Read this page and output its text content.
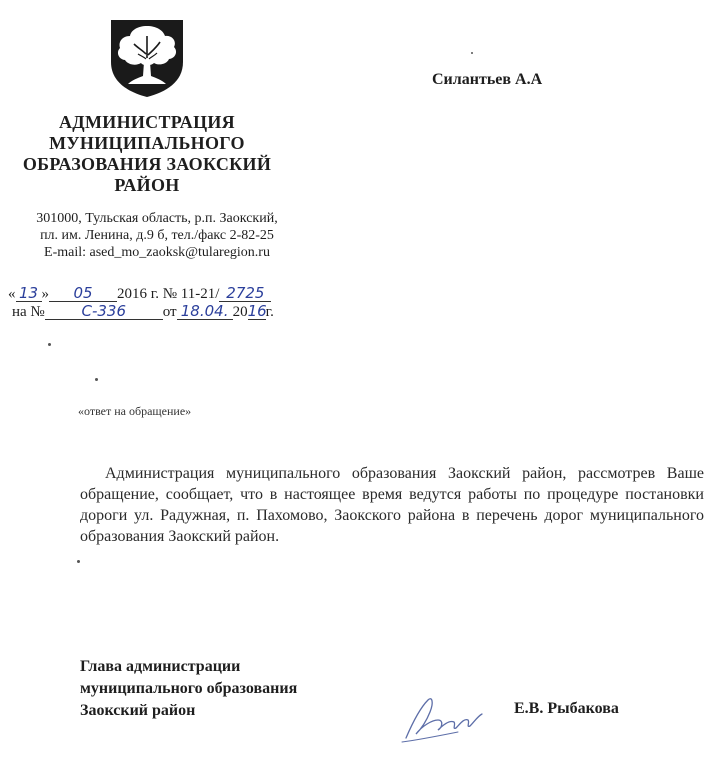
АДМИНИСТРАЦИЯ
МУНИЦИПАЛЬНОГО
ОБРАЗОВАНИЯ ЗАОКСКИЙ
РАЙОН
301000, Тульская область, р.п. Заокский,
пл. им. Ленина, д.9 б, тел./факс 2-82-25
E-mail: ased_mo_zaoksk@tularegion.ru
Силантьев А.А
« 13 » 05 2016 г. № 11-21/ 2725
на № С-336 от 18.04. 2016г.
«ответ на обращение»
Администрация муниципального образования Заокский район, рассмотрев Ваше обращение, сообщает, что в настоящее время ведутся работы по процедуре постановки дороги ул. Радужная, п. Пахомово, Заокского района в перечень дорог муниципального образования Заокский район.
Глава администрации
муниципального образования
Заокский район	Е.В. Рыбакова
